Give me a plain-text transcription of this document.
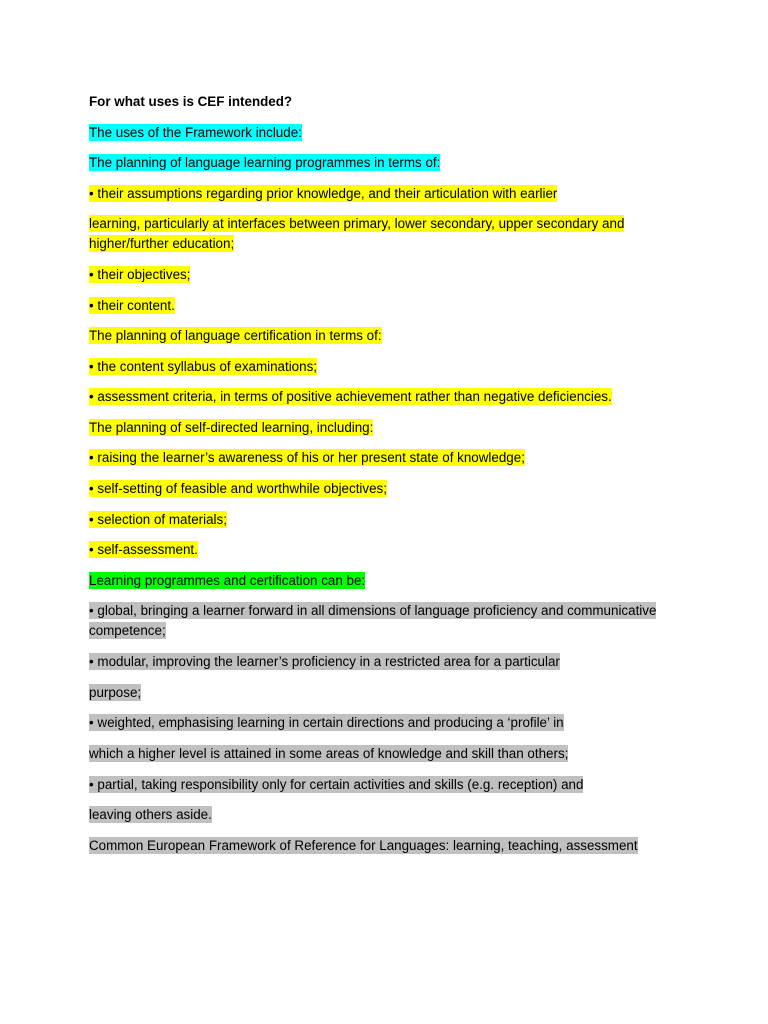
For what uses is CEF intended?

The uses of the Framework include:

The planning of language learning programmes in terms of:

• their assumptions regarding prior knowledge, and their articulation with earlier

learning, particularly at interfaces between primary, lower secondary, upper secondary and higher/further education;

• their objectives;

• their content.

The planning of language certification in terms of:

• the content syllabus of examinations;

• assessment criteria, in terms of positive achievement rather than negative deficiencies.

The planning of self-directed learning, including:

• raising the learner’s awareness of his or her present state of knowledge;

• self-setting of feasible and worthwhile objectives;

• selection of materials;

• self-assessment.

Learning programmes and certification can be:

• global, bringing a learner forward in all dimensions of language proficiency and communicative competence;

• modular, improving the learner’s proficiency in a restricted area for a particular

purpose;

• weighted, emphasising learning in certain directions and producing a ‘profile’ in

which a higher level is attained in some areas of knowledge and skill than others;

• partial, taking responsibility only for certain activities and skills (e.g. reception) and

leaving others aside.

Common European Framework of Reference for Languages: learning, teaching, assessment
